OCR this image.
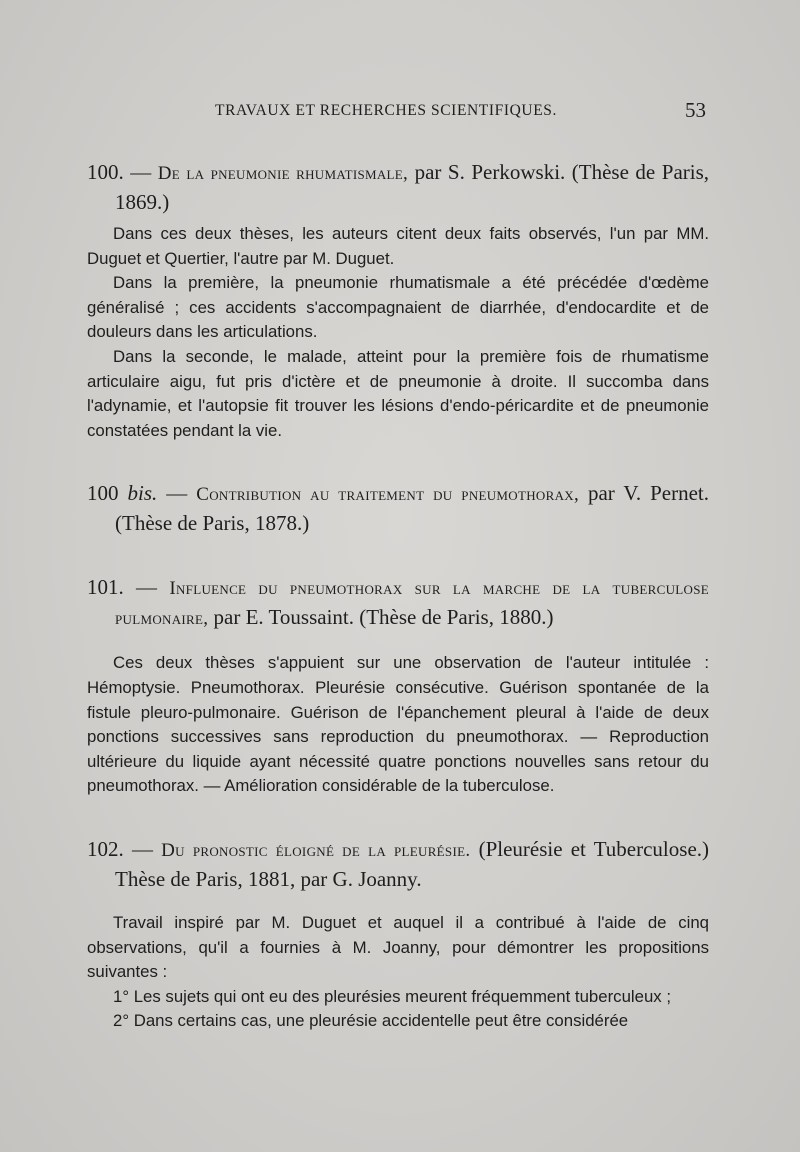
TRAVAUX ET RECHERCHES SCIENTIFIQUES.	53

100. — De la pneumonie rhumatismale, par S. Perkowski. (Thèse de Paris, 1869.)

Dans ces deux thèses, les auteurs citent deux faits observés, l'un par MM. Duguet et Quertier, l'autre par M. Duguet.

Dans la première, la pneumonie rhumatismale a été précédée d'œdème généralisé ; ces accidents s'accompagnaient de diarrhée, d'endocardite et de douleurs dans les articulations.

Dans la seconde, le malade, atteint pour la première fois de rhumatisme articulaire aigu, fut pris d'ictère et de pneumonie à droite. Il succomba dans l'adynamie, et l'autopsie fit trouver les lésions d'endo-péricardite et de pneumonie constatées pendant la vie.

100 bis. — Contribution au traitement du pneumothorax, par V. Pernet. (Thèse de Paris, 1878.)

101. — Influence du pneumothorax sur la marche de la tuberculose pulmonaire, par E. Toussaint. (Thèse de Paris, 1880.)

Ces deux thèses s'appuient sur une observation de l'auteur intitulée : Hémoptysie. Pneumothorax. Pleurésie consécutive. Guérison spontanée de la fistule pleuro-pulmonaire. Guérison de l'épanchement pleural à l'aide de deux ponctions successives sans reproduction du pneumothorax. — Reproduction ultérieure du liquide ayant nécessité quatre ponctions nouvelles sans retour du pneumothorax. — Amélioration considérable de la tuberculose.

102. — Du pronostic éloigné de la pleurésie. (Pleurésie et Tuberculose.) Thèse de Paris, 1881, par G. Joanny.

Travail inspiré par M. Duguet et auquel il a contribué à l'aide de cinq observations, qu'il a fournies à M. Joanny, pour démontrer les propositions suivantes :

1° Les sujets qui ont eu des pleurésies meurent fréquemment tuberculeux ;

2° Dans certains cas, une pleurésie accidentelle peut être considérée
